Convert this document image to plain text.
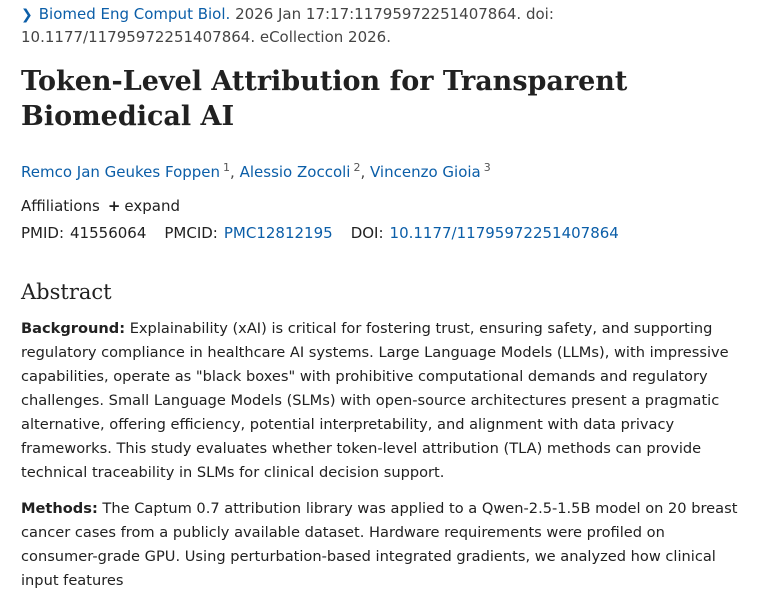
❯ Biomed Eng Comput Biol. 2026 Jan 17:17:11795972251407864. doi: 10.1177/11795972251407864. eCollection 2026.
Token-Level Attribution for Transparent Biomedical AI
Remco Jan Geukes Foppen $^1$, Alessio Zoccoli $^2$, Vincenzo Gioia $^3$
Affiliations + expand
PMID: 41556064 PMCID: PMC12812195 DOI: 10.1177/11795972251407864
Abstract

Background: Explainability (xAI) is critical for fostering trust, ensuring safety, and supporting regulatory compliance in healthcare AI systems. Large Language Models (LLMs), with impressive capabilities, operate as "black boxes" with prohibitive computational demands and regulatory challenges. Small Language Models (SLMs) with open-source architectures present a pragmatic alternative, offering efficiency, potential interpretability, and alignment with data privacy frameworks. This study evaluates whether token-level attribution (TLA) methods can provide technical traceability in SLMs for clinical decision support.

Methods: The Captum 0.7 attribution library was applied to a Qwen-2.5-1.5B model on 20 breast cancer cases from a publicly available dataset. Hardware requirements were profiled on consumer-grade GPU. Using perturbation-based integrated gradients, we analyzed how clinical input features
